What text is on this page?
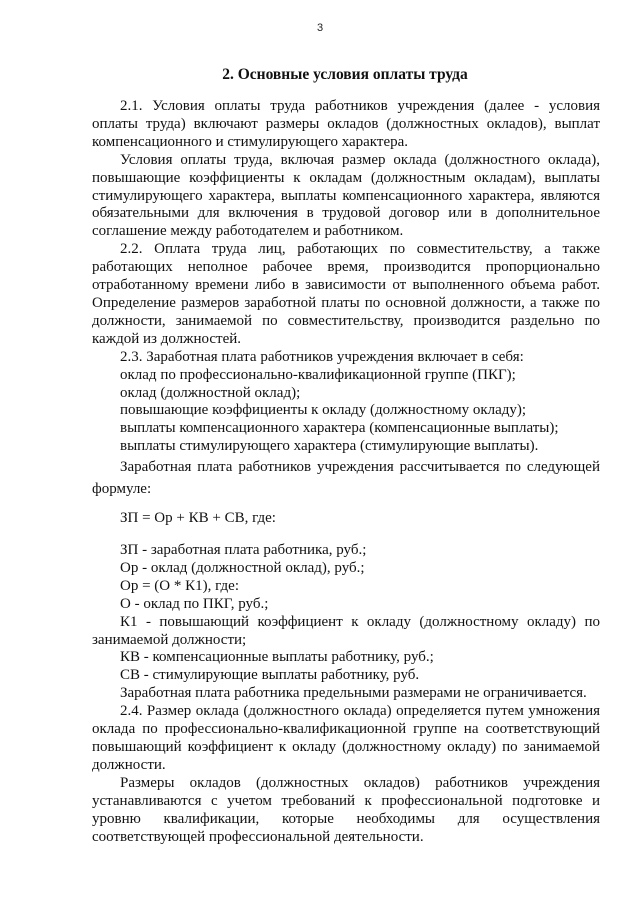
3
2. Основные условия оплаты труда

2.1. Условия оплаты труда работников учреждения (далее - условия оплаты труда) включают размеры окладов (должностных окладов), выплат компенсационного и стимулирующего характера.

Условия оплаты труда, включая размер оклада (должностного оклада), повышающие коэффициенты к окладам (должностным окладам), выплаты стимулирующего характера, выплаты компенсационного характера, являются обязательными для включения в трудовой договор или в дополнительное соглашение между работодателем и работником.

2.2. Оплата труда лиц, работающих по совместительству, а также работающих неполное рабочее время, производится пропорционально отработанному времени либо в зависимости от выполненного объема работ. Определение размеров заработной платы по основной должности, а также по должности, занимаемой по совместительству, производится раздельно по каждой из должностей.

2.3. Заработная плата работников учреждения включает в себя:

оклад по профессионально-квалификационной группе (ПКГ);

оклад (должностной оклад);

повышающие коэффициенты к окладу (должностному окладу);

выплаты компенсационного характера (компенсационные выплаты);

выплаты стимулирующего характера (стимулирующие выплаты).

Заработная плата работников учреждения рассчитывается по следующей формуле:

ЗП = Ор + КВ + СВ, где:

ЗП - заработная плата работника, руб.;

Ор - оклад (должностной оклад), руб.;

Ор = (О * К1), где:

О - оклад по ПКГ, руб.;

К1 - повышающий коэффициент к окладу (должностному окладу) по занимаемой должности;

КВ - компенсационные выплаты работнику, руб.;

СВ - стимулирующие выплаты работнику, руб.

Заработная плата работника предельными размерами не ограничивается.

2.4. Размер оклада (должностного оклада) определяется путем умножения оклада по профессионально-квалификационной группе на соответствующий повышающий коэффициент к окладу (должностному окладу) по занимаемой должности.

Размеры окладов (должностных окладов) работников учреждения устанавливаются с учетом требований к профессиональной подготовке и уровню квалификации, которые необходимы для осуществления соответствующей профессиональной деятельности.
